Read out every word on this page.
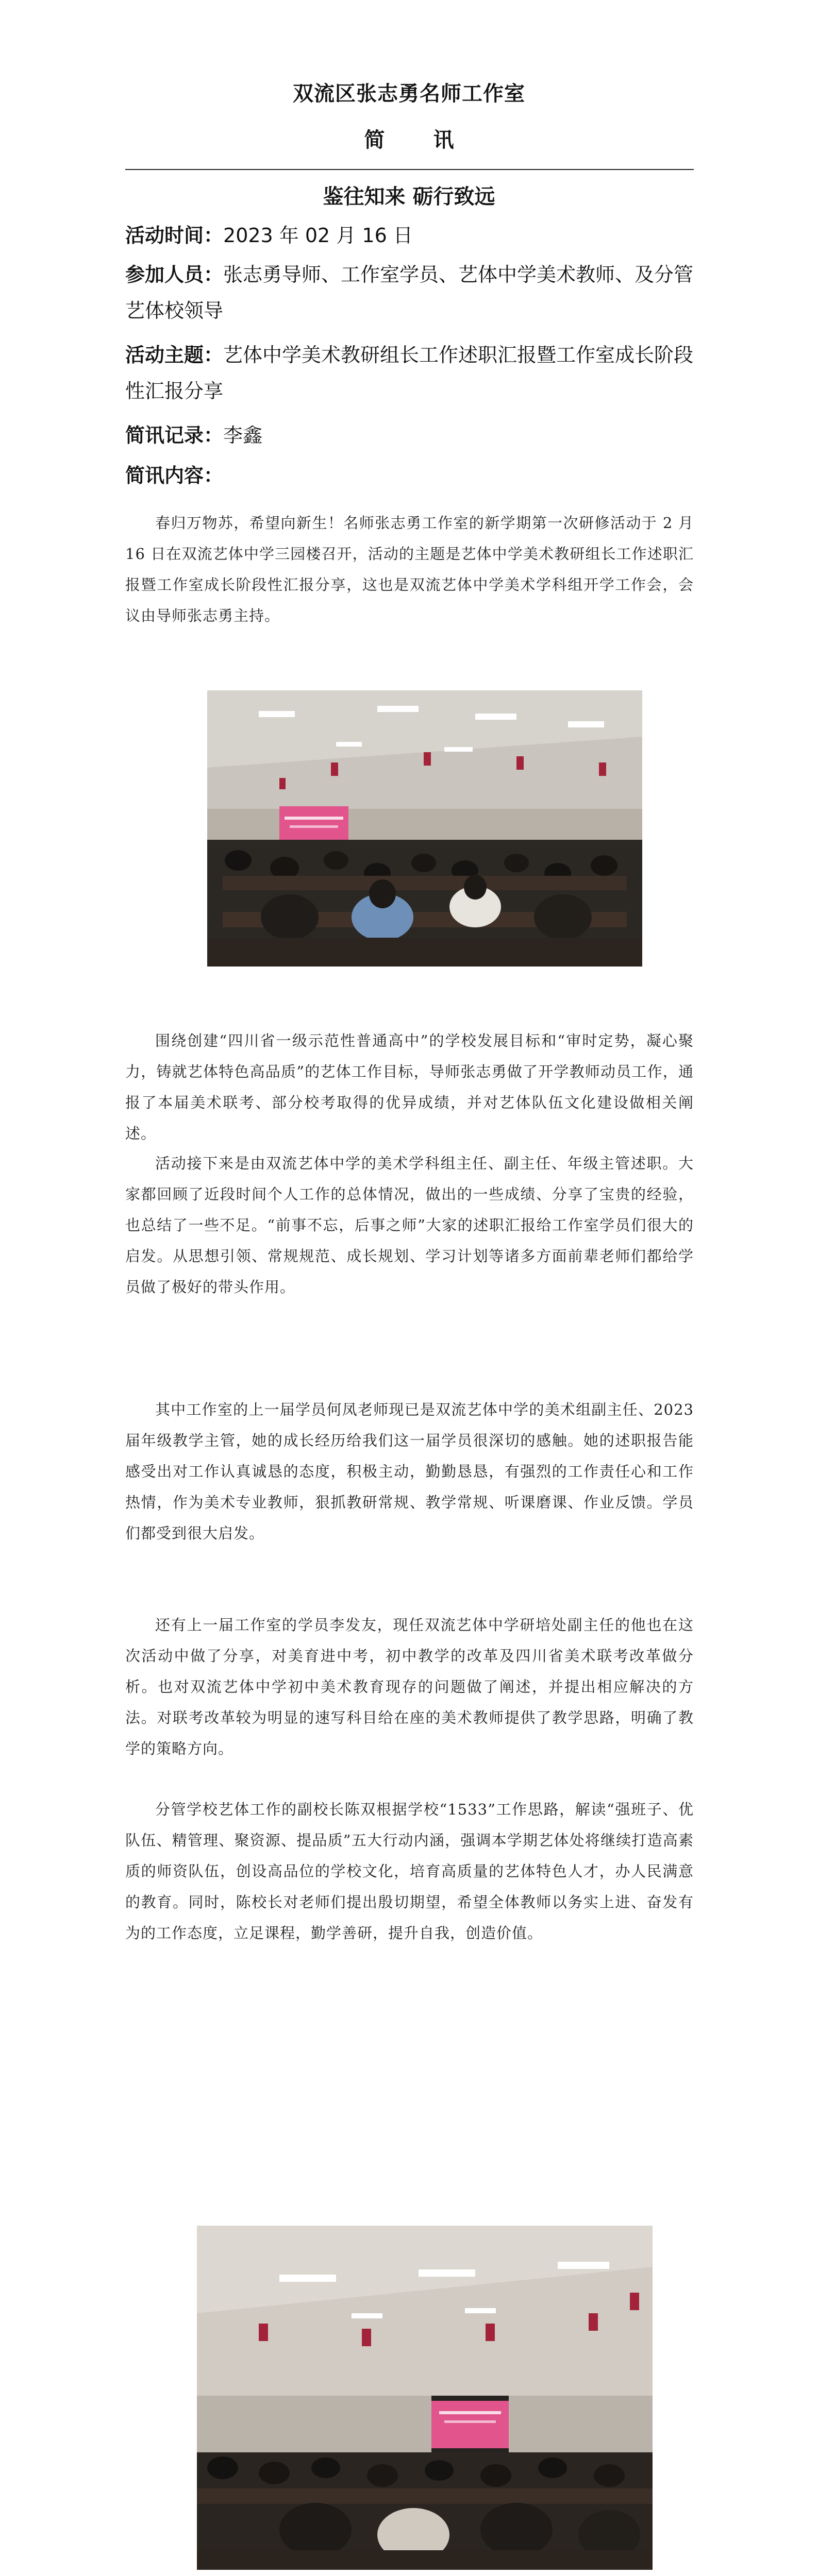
双流区张志勇名师工作室
简 讯
鉴往知来 砺行致远
活动时间：2023 年 02 月 16 日
参加人员：张志勇导师、工作室学员、艺体中学美术教师、及分管艺体校领导
活动主题：艺体中学美术教研组长工作述职汇报暨工作室成长阶段性汇报分享
简讯记录：李鑫
简讯内容：
春归万物苏，希望向新生！名师张志勇工作室的新学期第一次研修活动于 2 月 16 日在双流艺体中学三园楼召开，活动的主题是艺体中学美术教研组长工作述职汇报暨工作室成长阶段性汇报分享，这也是双流艺体中学美术学科组开学工作会，会议由导师张志勇主持。
围绕创建“四川省一级示范性普通高中”的学校发展目标和“审时定势，凝心聚力，铸就艺体特色高品质”的艺体工作目标，导师张志勇做了开学教师动员工作，通报了本届美术联考、部分校考取得的优异成绩，并对艺体队伍文化建设做相关阐述。
活动接下来是由双流艺体中学的美术学科组主任、副主任、年级主管述职。大家都回顾了近段时间个人工作的总体情况，做出的一些成绩、分享了宝贵的经验，也总结了一些不足。“前事不忘，后事之师”大家的述职汇报给工作室学员们很大的启发。从思想引领、常规规范、成长规划、学习计划等诸多方面前辈老师们都给学员做了极好的带头作用。
其中工作室的上一届学员何凤老师现已是双流艺体中学的美术组副主任、2023 届年级教学主管，她的成长经历给我们这一届学员很深切的感触。她的述职报告能感受出对工作认真诚恳的态度，积极主动，勤勤恳恳，有强烈的工作责任心和工作热情，作为美术专业教师，狠抓教研常规、教学常规、听课磨课、作业反馈。学员们都受到很大启发。
还有上一届工作室的学员李发友，现任双流艺体中学研培处副主任的他也在这次活动中做了分享，对美育进中考，初中教学的改革及四川省美术联考改革做分析。也对双流艺体中学初中美术教育现存的问题做了阐述，并提出相应解决的方法。对联考改革较为明显的速写科目给在座的美术教师提供了教学思路，明确了教学的策略方向。
分管学校艺体工作的副校长陈双根据学校“1533”工作思路，解读“强班子、优队伍、精管理、聚资源、提品质”五大行动内涵，强调本学期艺体处将继续打造高素质的师资队伍，创设高品位的学校文化，培育高质量的艺体特色人才，办人民满意的教育。同时，陈校长对老师们提出殷切期望，希望全体教师以务实上进、奋发有为的工作态度，立足课程，勤学善研，提升自我，创造价值。
